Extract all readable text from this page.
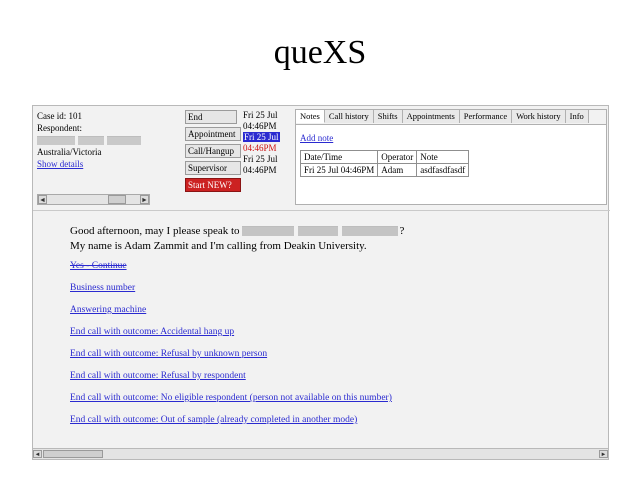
queXS
Case id: 101
Respondent:
Australia/Victoria
Show details
◄	►
End
Appointment
Call/Hangup
Supervisor
Start NEW?
Fri 25 Jul
04:46PM
Fri 25 Jul
04:46PM
Fri 25 Jul
04:46PM
Notes	Call history	Shifts	Appointments	Performance	Work history	Info
Add note
Date/Time	Operator	Note
Fri 25 Jul 04:46PM	Adam	asdfasdfasdf
Good afternoon, may I please speak to	?
My name is Adam Zammit and I'm calling from Deakin University.
Yes - Continue
Business number
Answering machine
End call with outcome: Accidental hang up
End call with outcome: Refusal by unknown person
End call with outcome: Refusal by respondent
End call with outcome: No eligible respondent (person not available on this number)
End call with outcome: Out of sample (already completed in another mode)
◄	►
